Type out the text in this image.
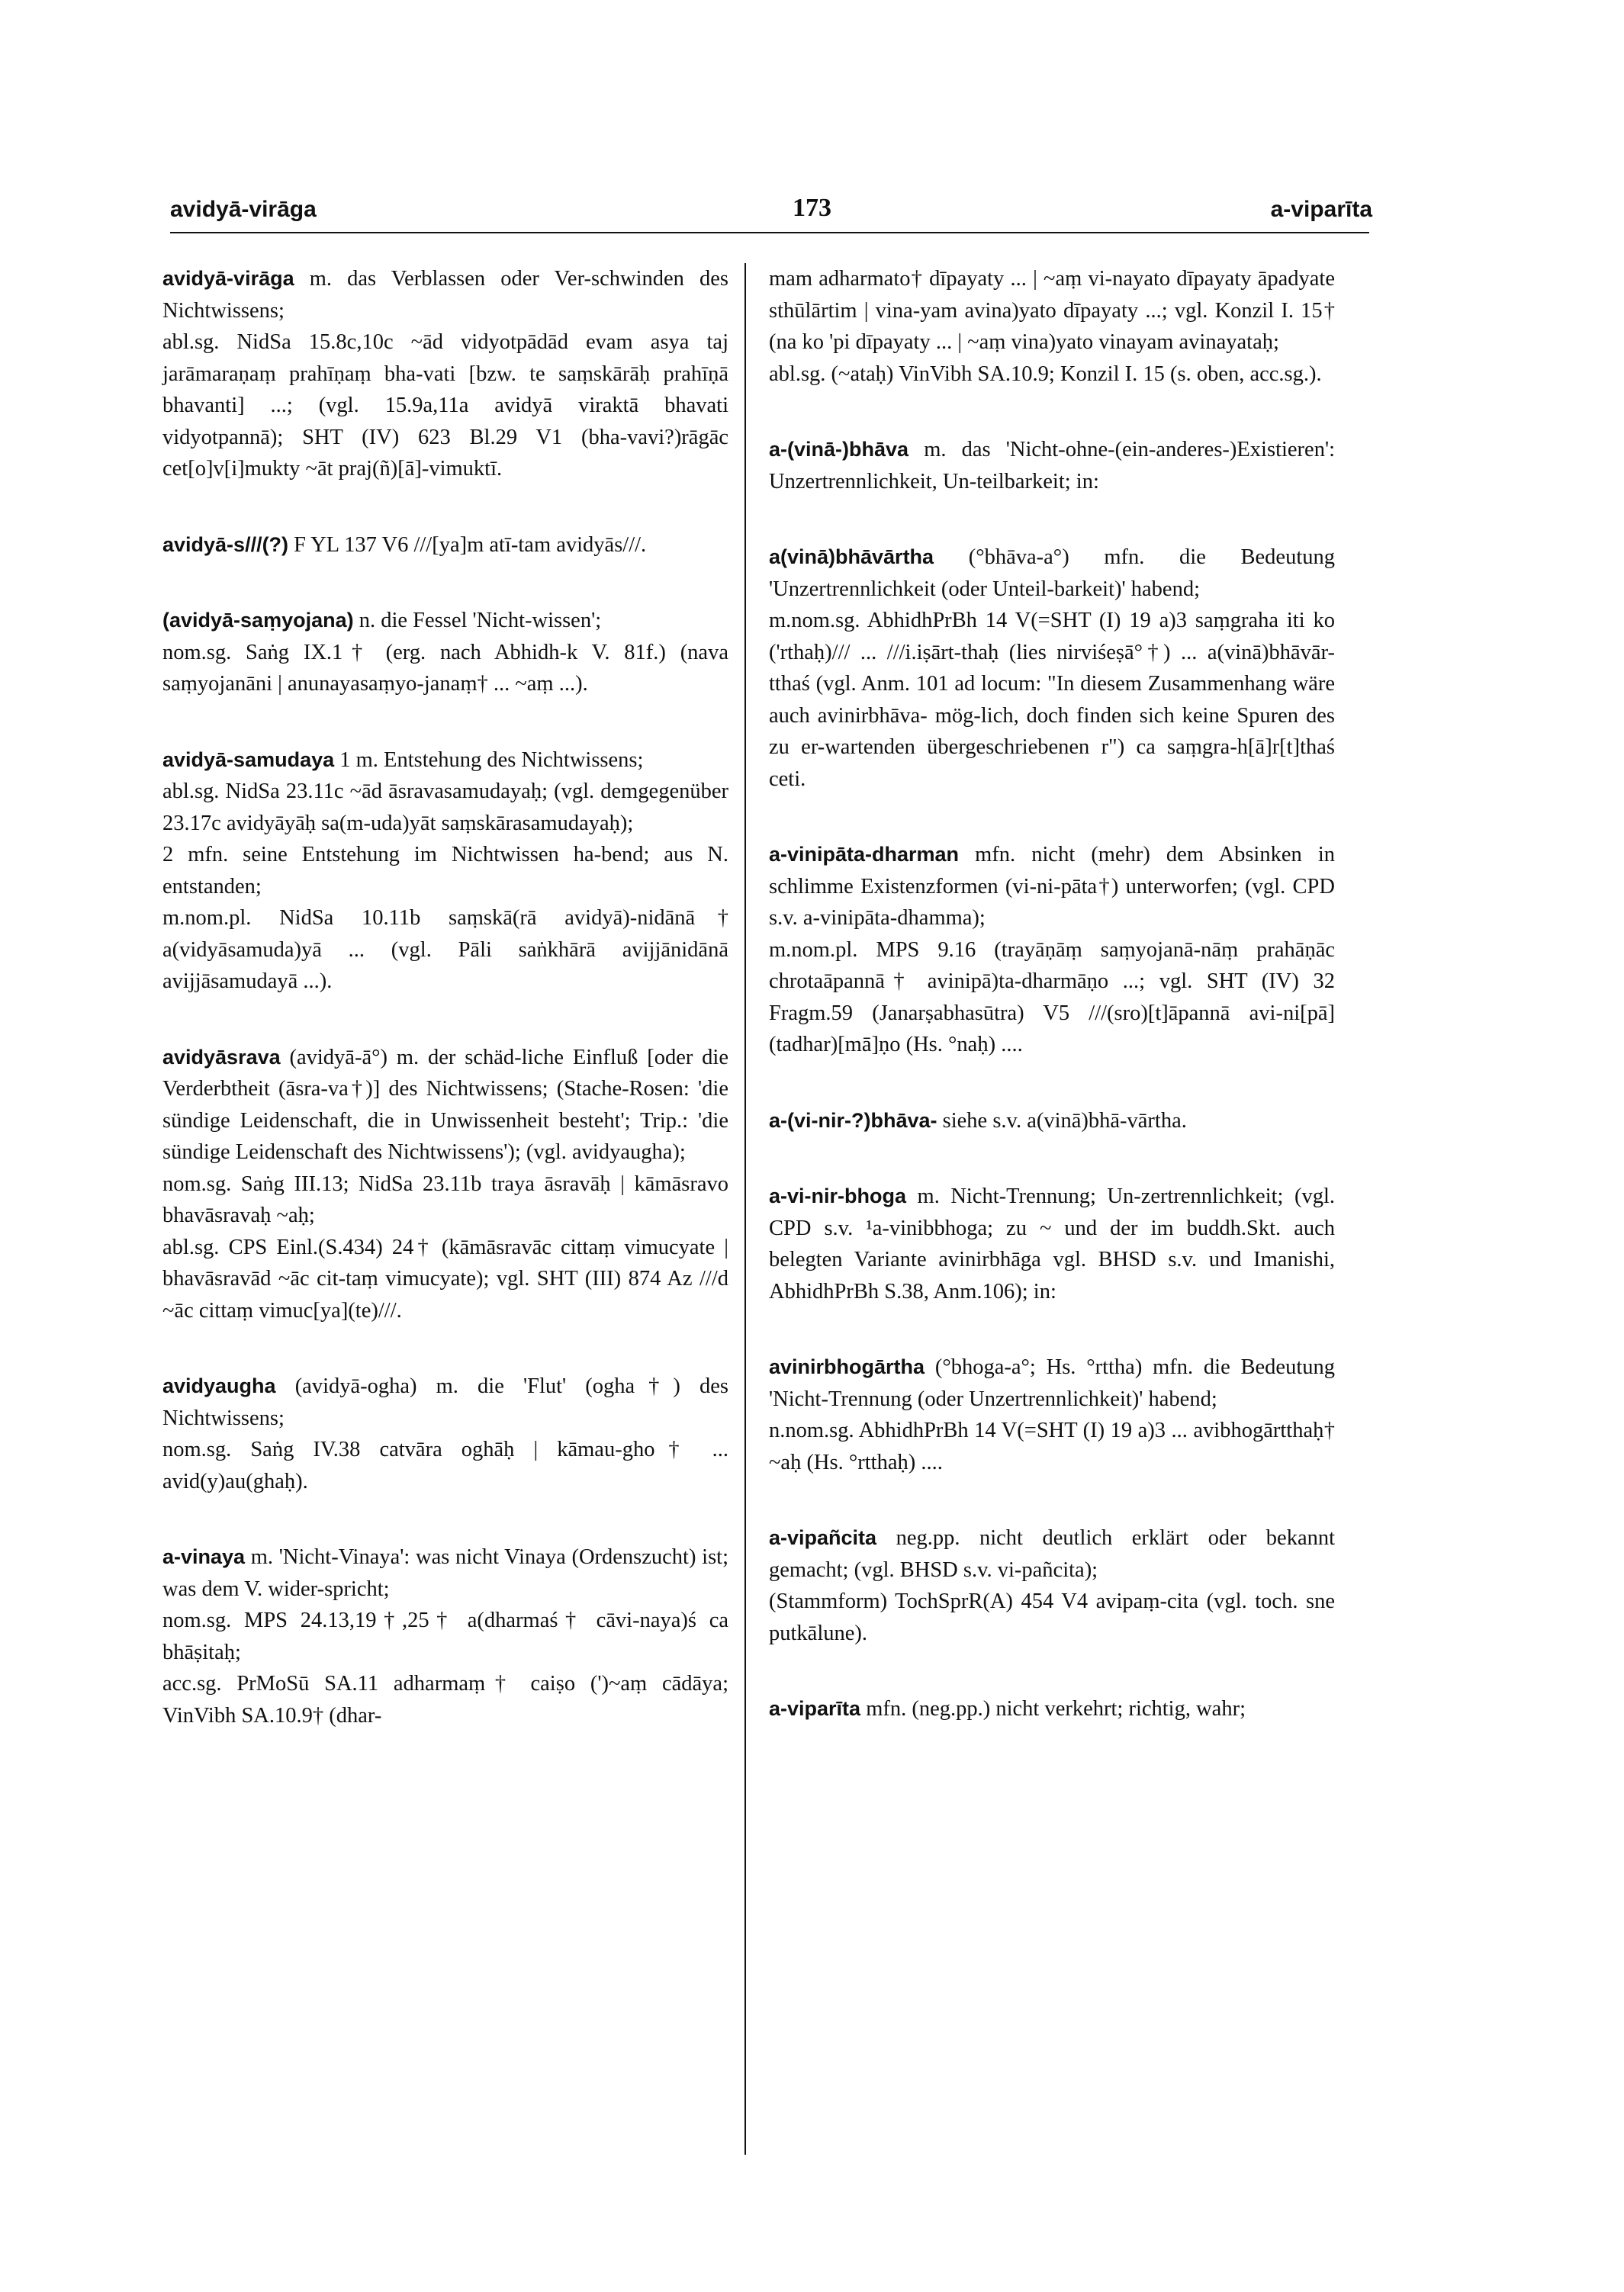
avidyā-virāga	173	a-viparīta

avidyā-virāga m. das Verblassen oder Ver-schwinden des Nichtwissens;

abl.sg. NidSa 15.8c,10c ~ād vidyotpādād evam asya taj jarāmaraṇaṃ prahīṇaṃ bha-vati [bzw. te saṃskārāḥ prahīṇā bhavanti] ...; (vgl. 15.9a,11a avidyā viraktā bhavati vidyotpannā); SHT (IV) 623 Bl.29 V1 (bha-vavi?)rāgāc cet[o]v[i]mukty ~āt praj(ñ)[ā]-vimuktī.

avidyā-s///(?) F YL 137 V6 ///[ya]m atī-tam avidyās///.

(avidyā-saṃyojana) n. die Fessel 'Nicht-wissen';

nom.sg. Saṅg IX.1† (erg. nach Abhidh-k V. 81f.) (nava saṃyojanāni | anunayasaṃyo-janaṃ† ... ~aṃ ...).

avidyā-samudaya 1 m. Entstehung des Nichtwissens;

abl.sg. NidSa 23.11c ~ād āsravasamudayaḥ; (vgl. demgegenüber 23.17c avidyāyāḥ sa(m-uda)yāt saṃskārasamudayaḥ);

2 mfn. seine Entstehung im Nichtwissen ha-bend; aus N. entstanden;

m.nom.pl. NidSa 10.11b saṃskā(rā avidyā)-nidānā† a(vidyāsamuda)yā ... (vgl. Pāli saṅkhārā avijjānidānā avijjāsamudayā ...).

avidyāsrava (avidyā-ā°) m. der schäd-liche Einfluß [oder die Verderbtheit (āsra-va†)] des Nichtwissens; (Stache-Rosen: 'die sündige Leidenschaft, die in Unwissenheit besteht'; Trip.: 'die sündige Leidenschaft des Nichtwissens'); (vgl. avidyaugha);

nom.sg. Saṅg III.13; NidSa 23.11b traya āsravāḥ | kāmāsravo bhavāsravaḥ ~aḥ;

abl.sg. CPS Einl.(S.434) 24† (kāmāsravāc cittaṃ vimucyate | bhavāsravād ~āc cit-taṃ vimucyate); vgl. SHT (III) 874 Az ///d ~āc cittaṃ vimuc[ya](te)///.

avidyaugha (avidyā-ogha) m. die 'Flut' (ogha†) des Nichtwissens;

nom.sg. Saṅg IV.38 catvāra oghāḥ | kāmau-gho† ... avid(y)au(ghaḥ).

a-vinaya m. 'Nicht-Vinaya': was nicht Vinaya (Ordenszucht) ist; was dem V. wider-spricht;

nom.sg. MPS 24.13,19†,25† a(dharmaś† cāvi-naya)ś ca bhāṣitaḥ;

acc.sg. PrMoSū SA.11 adharmaṃ† caiṣo (')~aṃ cādāya; VinVibh SA.10.9† (dhar-

mam adharmato† dīpayaty ... | ~aṃ vi-nayato dīpayaty āpadyate sthūlārtim | vina-yam avina)yato dīpayaty ...; vgl. Konzil I. 15† (na ko 'pi dīpayaty ... | ~aṃ vina)yato vinayam avinayataḥ;

abl.sg. (~ataḥ) VinVibh SA.10.9; Konzil I. 15 (s. oben, acc.sg.).

a-(vinā-)bhāva m. das 'Nicht-ohne-(ein-anderes-)Existieren': Unzertrennlichkeit, Un-teilbarkeit; in:

a(vinā)bhāvārtha (°bhāva-a°) mfn. die Bedeutung 'Unzertrennlichkeit (oder Unteil-barkeit)' habend;

m.nom.sg. AbhidhPrBh 14 V(=SHT (I) 19 a)3 saṃgraha iti ko ('rthaḥ)/// ... ///i.iṣārt-thaḥ (lies nirviśeṣā°†) ... a(vinā)bhāvār-tthaś (vgl. Anm. 101 ad locum: "In diesem Zusammenhang wäre auch avinirbhāva- mög-lich, doch finden sich keine Spuren des zu er-wartenden übergeschriebenen r") ca saṃgra-h[ā]r[t]thaś ceti.

a-vinipāta-dharman mfn. nicht (mehr) dem Absinken in schlimme Existenzformen (vi-ni-pāta†) unterworfen; (vgl. CPD s.v. a-vinipāta-dhamma);

m.nom.pl. MPS 9.16 (trayāṇāṃ saṃyojanā-nāṃ prahāṇāc chrotaāpannā† avinipā)ta-dharmāṇo ...; vgl. SHT (IV) 32 Fragm.59 (Janarṣabhasūtra) V5 ///(sro)[t]āpannā avi-ni[pā](tadhar)[mā]ṇo (Hs. °naḥ) ....

a-(vi-nir-?)bhāva- siehe s.v. a(vinā)bhā-vārtha.

a-vi-nir-bhoga m. Nicht-Trennung; Un-zertrennlichkeit; (vgl. CPD s.v. ¹a-vinibbhoga; zu ~ und der im buddh.Skt. auch belegten Variante avinirbhāga vgl. BHSD s.v. und Imanishi, AbhidhPrBh S.38, Anm.106); in:

avinirbhogārtha (°bhoga-a°; Hs. °rttha) mfn. die Bedeutung 'Nicht-Trennung (oder Unzertrennlichkeit)' habend;

n.nom.sg. AbhidhPrBh 14 V(=SHT (I) 19 a)3 ... avibhogārtthaḥ† ~aḥ (Hs. °rtthaḥ) ....

a-vipañcita neg.pp. nicht deutlich erklärt oder bekannt gemacht; (vgl. BHSD s.v. vi-pañcita);

(Stammform) TochSprR(A) 454 V4 avipaṃ-cita (vgl. toch. sne putkālune).

a-viparīta mfn. (neg.pp.) nicht verkehrt; richtig, wahr;
